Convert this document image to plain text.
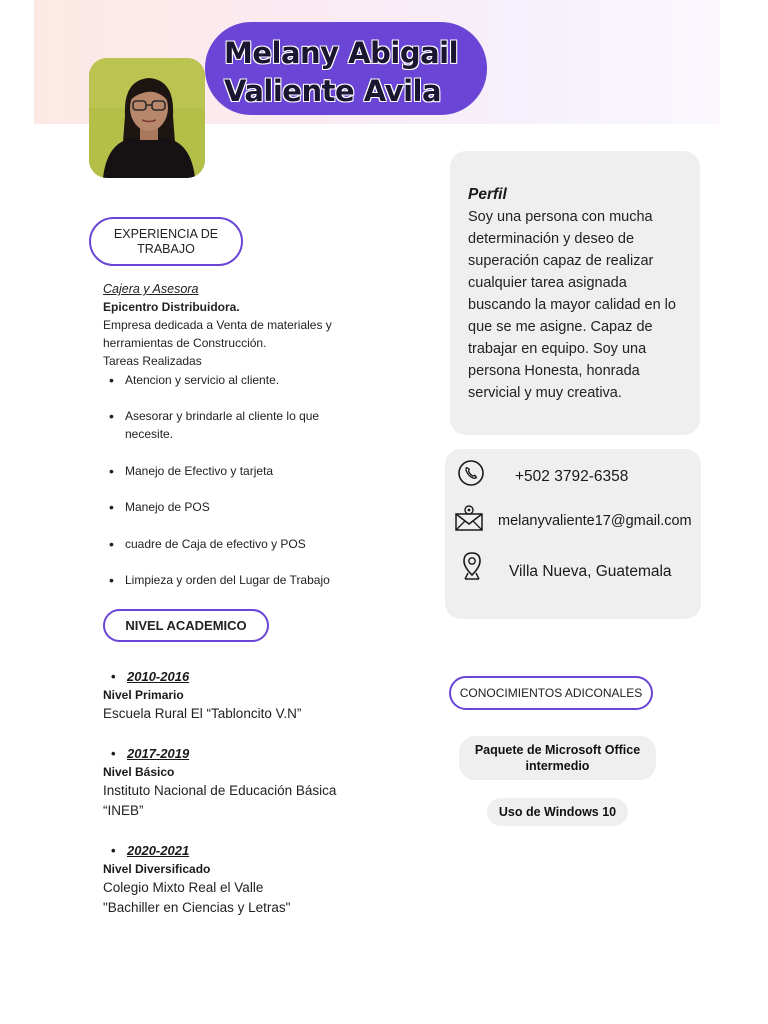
Melany Abigail
Valiente Avila
EXPERIENCIA DE TRABAJO
Cajera y Asesora
Epicentro Distribuidora.
Empresa dedicada a Venta de materiales y herramientas de Construcción.
Tareas Realizadas
• Atencion y servicio al cliente.
• Asesorar y brindarle al cliente lo que necesite.
• Manejo de Efectivo y tarjeta
• Manejo de POS
• cuadre de Caja de efectivo y POS
• Limpieza y orden del Lugar de Trabajo
NIVEL ACADEMICO
• 2010-2016
Nivel Primario
Escuela Rural El “Tabloncito V.N”
• 2017-2019
Nivel Básico
Instituto Nacional de Educación Básica
“INEB”
• 2020-2021
Nivel Diversificado
Colegio Mixto Real el Valle
"Bachiller en Ciencias y Letras"
Perfil
Soy una persona con mucha determinación y deseo de superación capaz de realizar cualquier tarea asignada buscando la mayor calidad en lo que se me asigne. Capaz de trabajar en equipo. Soy una persona Honesta, honrada servicial y muy creativa.
+502 3792-6358
melanyvaliente17@gmail.com
Villa Nueva, Guatemala
CONOCIMIENTOS ADICONALES
Paquete de Microsoft Office intermedio
Uso de Windows 10
